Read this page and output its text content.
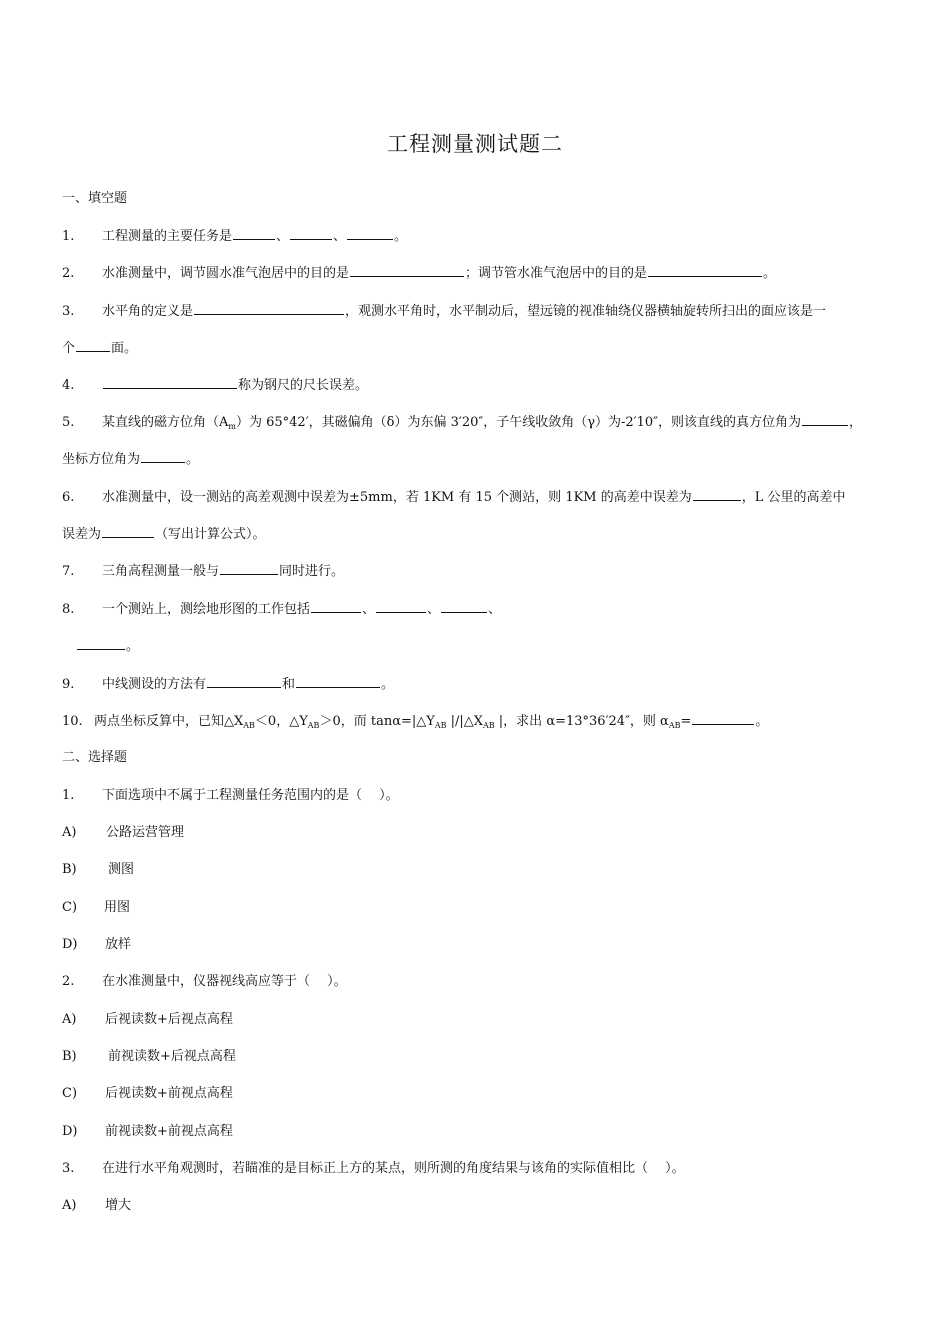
工程测量测试题二
一、填空题
1. 工程测量的主要任务是	、	、	。
2. 水准测量中，调节圆水准气泡居中的目的是	；调节管水准气泡居中的目的是	。
3. 水平角的定义是	，观测水平角时，水平制动后，望远镜的视准轴绕仪器横轴旋转所扫出的面应该是一
个	面。
4.	称为钢尺的尺长误差。
5. 某直线的磁方位角$(A_m)$为 65°42′，其磁偏角（δ）为东偏 3′20″，子午线收敛角（γ）为-2′10″，则该直线的真方位角为	，
坐标方位角为	。
6. 水准测量中，设一测站的高差观测中误差为±5mm，若 1KM 有 15 个测站，则 1KM 的高差中误差为	，L 公里的高差中
误差为	（写出计算公式）。
7. 三角高程测量一般与	同时进行。
8. 一个测站上，测绘地形图的工作包括	、	、	、
。
9. 中线测设的方法有	和	。
10. 两点坐标反算中，已知$\triangle X_{AB}<0$，$\triangle Y_{AB}>0$，而 $\tan\alpha=|\triangle Y_{AB}$ $|/|\triangle X_{AB}$ |，求出 α=13°36′24″，则 $\alpha_{AB}=$	。
二、选择题
1. 下面选项中不属于工程测量任务范围内的是（　 ）。
A) 公路运营管理
B) 测图
C) 用图
D) 放样
2. 在水准测量中，仪器视线高应等于（　 ）。
A) 后视读数+后视点高程
B) 前视读数+后视点高程
C) 后视读数+前视点高程
D) 前视读数+前视点高程
3. 在进行水平角观测时，若瞄准的是目标正上方的某点，则所测的角度结果与该角的实际值相比（　 ）。
A) 增大
